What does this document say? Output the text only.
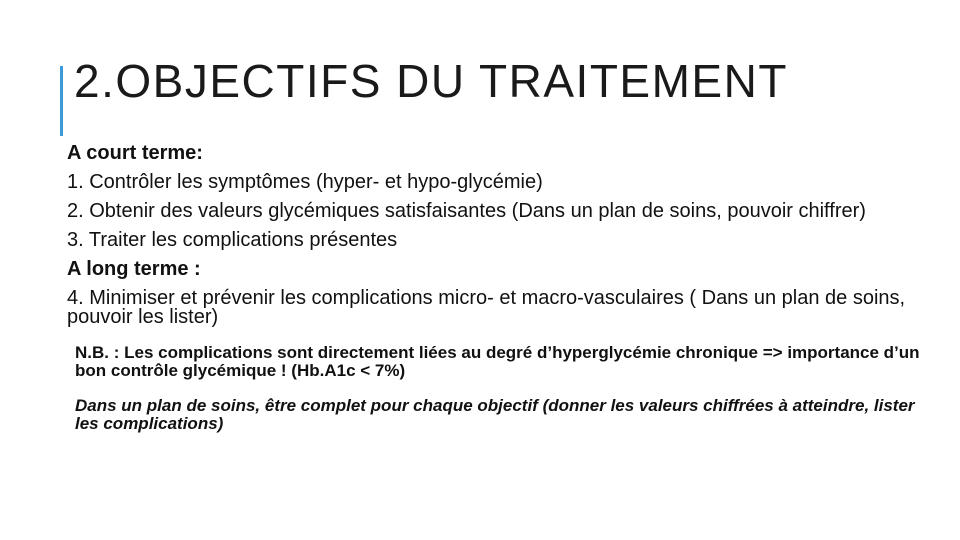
2.OBJECTIFS DU TRAITEMENT

A court terme:

1. Contrôler les symptômes (hyper- et hypo-glycémie)

2. Obtenir des valeurs glycémiques satisfaisantes (Dans un plan de soins, pouvoir chiffrer)

3. Traiter les complications présentes

A long terme :

4. Minimiser et prévenir les complications micro- et macro-vasculaires ( Dans un plan de soins, pouvoir les lister)

N.B. : Les complications sont directement liées au degré d’hyperglycémie chronique => importance d’un bon contrôle glycémique ! (Hb.A1c < 7%)

Dans un plan de soins, être complet pour chaque objectif (donner les valeurs chiffrées à atteindre, lister les complications)
